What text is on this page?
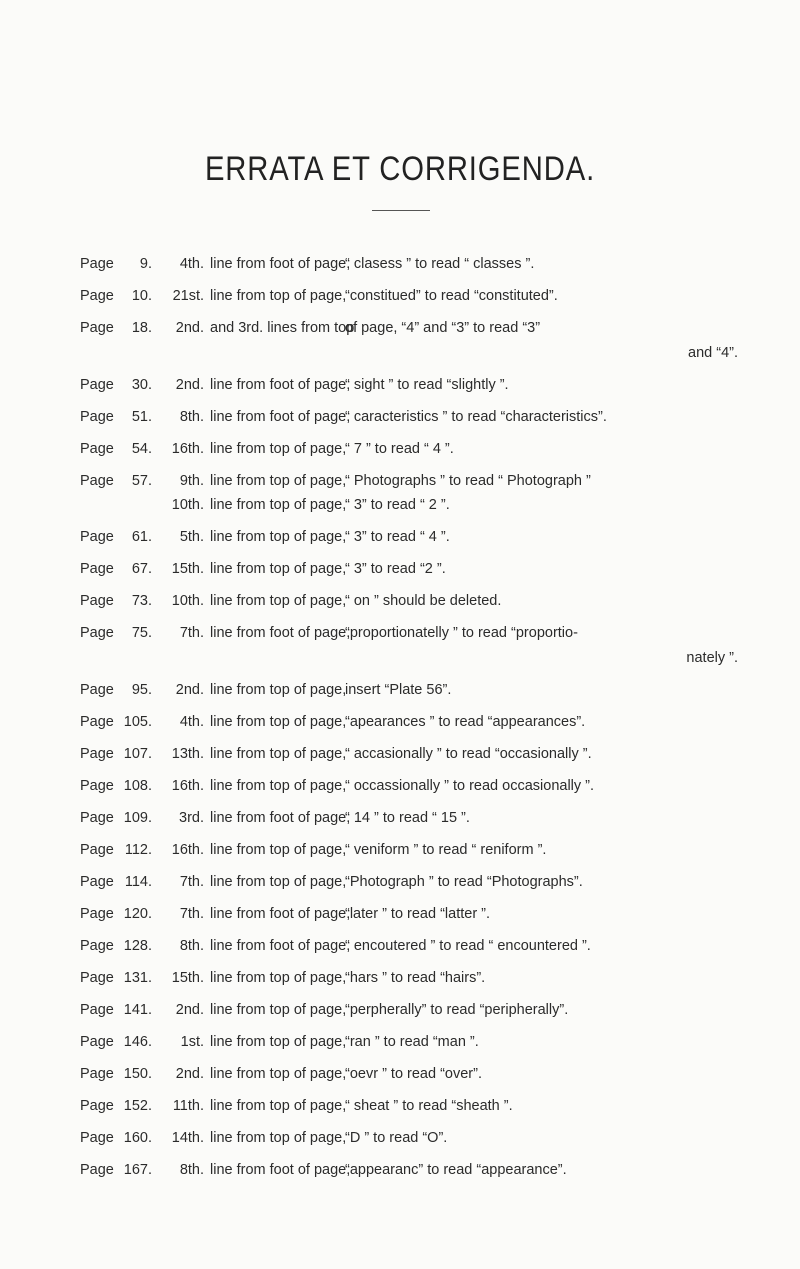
ERRATA ET CORRIGENDA.
Page	9.	4th. line from foot of page,
“ clasess ” to read “ classes ”.
Page	10.	21st. line from top of page,
“constitued” to read “constituted”.
Page	18.	2nd. and 3rd. lines from top
of page, “4” and “3” to read “3”
and “4”.
Page	30.	2nd. line from foot of page,
“ sight ” to read “slightly ”.
Page	51.	8th. line from foot of page,
“ caracteristics ” to read “characteristics”.
Page	54.	16th. line from top of page,
“ 7 ” to read “ 4 ”.
Page	57.	9th. line from top of page,
“ Photographs ” to read “ Photograph ”
10th. line from top of page,
“ 3” to read “ 2 ”.
Page	61.	5th. line from top of page,
“ 3” to read “ 4 ”.
Page	67.	15th. line from top of page,
“ 3” to read “2 ”.
Page	73.	10th. line from top of page,
“ on ” should be deleted.
Page	75.	7th. line from foot of page,
“proportionatelly ” to read “proportio-
nately ”.
Page	95.	2nd. line from top of page,
insert “Plate 56”.
Page 105.	4th. line from top of page,
“apearances ” to read “appearances”.
Page 107.	13th. line from top of page,
“ accasionally ” to read “occasionally ”.
Page 108.	16th. line from top of page,
“ occassionally ” to read occasionally ”.
Page 109.	3rd. line from foot of page,
“ 14 ” to read “ 15 ”.
Page 112.	16th. line from top of page,
“ veniform ” to read “ reniform ”.
Page 114.	7th. line from top of page,
“Photograph ” to read “Photographs”.
Page 120.	7th. line from foot of page,
“later ” to read “latter ”.
Page 128.	8th. line from foot of page,
“ encoutered ” to read “ encountered ”.
Page 131.	15th. line from top of page,
“hars ” to read “hairs”.
Page 141.	2nd. line from top of page,
“perpherally” to read “peripherally”.
Page 146.	1st. line from top of page,
“ran ” to read “man ”.
Page 150.	2nd. line from top of page,
“oevr ” to read “over”.
Page 152.	11th. line from top of page,
“ sheat ” to read “sheath ”.
Page 160.	14th. line from top of page,
“D ” to read “O”.
Page 167.	8th. line from foot of page,
“appearanc” to read “appearance”.
